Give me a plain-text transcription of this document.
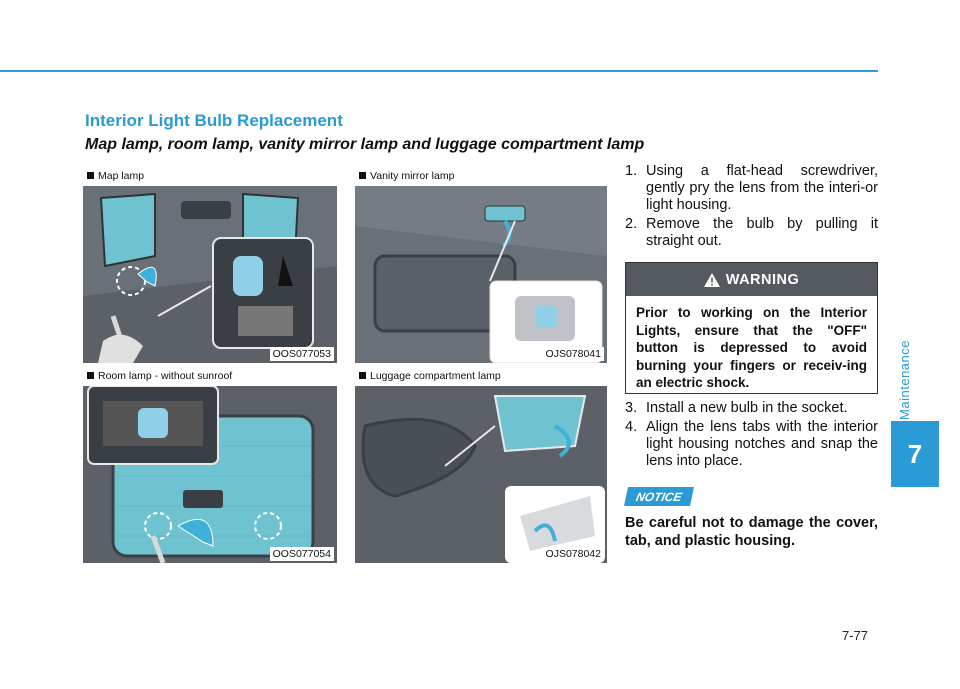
Interior Light Bulb Replacement
Map lamp, room lamp, vanity mirror lamp and luggage compartment lamp
Map lamp
OOS077053
Room lamp - without sunroof
OOS077054
Vanity mirror lamp
OJS078041
Luggage compartment lamp
OJS078042
1. Using a flat-head screwdriver, gently pry the lens from the interi-or light housing.
2. Remove the bulb by pulling it straight out.
WARNING
Prior to working on the Interior Lights, ensure that the "OFF" button is depressed to avoid burning your fingers or receiv-ing an electric shock.
3. Install a new bulb in the socket.
4. Align the lens tabs with the interior light housing notches and snap the lens into place.
NOTICE
Be careful not to damage the cover, tab, and plastic housing.
Maintenance
7
7-77
